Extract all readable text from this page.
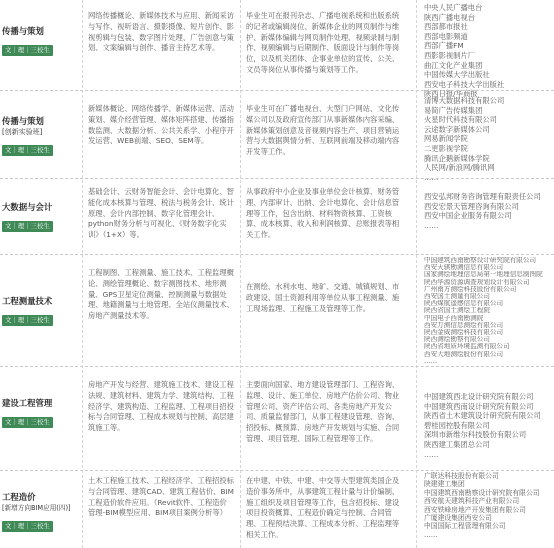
传播与策划
文｜理｜三校生
网络传播概论、新媒体技术与应用、新闻采访与写作、视听语言、摄影摄像、短片创作、影视剪辑与包装、数字图片处理、广告创意与策划、文案编辑与创作、播音主持艺术等。
毕业生可在报刊杂志、广播电视系统和出版系统的记者或编辑岗位、新媒体企业的网页制作与维护、新媒体编辑与网页制作处理、视频录制与制作、视频编辑与后期制作、版面设计与制作等岗位，以及机关团体、企事业单位的宣传、公关、文员等岗位从事传播与策划等工作。
中央人民广播电台
陕西广播电视台
西部都市报社
西部电影频道
西部广播FM
西影影视制片厂
曲江文化产业集团
中国传媒大学出版社
西安电子科技大学出版社
陕西日报/华商报
传播与策划
[创新实验班]
文｜理｜三校生
新媒体概论、网络传播学、新媒体运营、活动策划、媒介经营管理、媒体矩阵搭建、传播指数监测、大数据分析、公共关系学、小程序开发运营、WEB前端、SEO、SEM等。
毕业生可在广播电视台、大型门户网站、文化传媒公司以及政府宣传部门从事新媒体内容采编、新媒体策划创意及音视频内容生产、项目营销运营与大数据舆情分析、互联网前端及移动端内容开发等工作。
清博大数据科技有限公司
易简广告传媒集团
火星时代科技有限公司
云途数字新媒体公司
网易新闻学院
二更影视学院
腾讯企鹅新媒体学院
人民网/新浪网/腾讯网
……
大数据与会计
文｜理｜三校生
基础会计、云财务智能会计、会计电算化、智能化成本核算与管理、税法与税务会计、统计原理、会计内部控制、数字化管理会计、python财务分析与可视化、《财务数字化实训》（1+X）等。
从事政府中小企业及事业单位会计核算、财务管理、内部审计、出纳、会计电算化、会计信息管理等工作，包含出纳、材料物资核算、工资核算、成本核算、收入和利润核算、总账报表等相关工作。
西安弘邦财务咨询管理有限责任公司
西安宏景天管理咨询有限公司
西安中国企业服务有限公司
……
工程测量技术
文｜理｜三校生
工程制图、工程测量、施工技术、工程监理概论、测绘管理概论、数字测图技术、地形测量、GPS卫星定位测量、控制测量与数据处理、地籍测量与土地管理、全站仪测量技术、房地产测量技术等。
在测绘、水利水电、地矿、交通、城镇规划、市政建设、国土资源利用等单位从事工程测量、施工现场监理、工程施工及管理等工作。
中国建筑西南勘察设计研究院有限公司
西安天骐勘测信息有限公司
国家测绘地理信息局第一地理信息制图院
陕西华源资源调查规划设计有限公司
广州南方测绘科技股份有限公司
西安国土测量有限公司
陕西煤航遥感信息有限公司
陕西省国土测绘工程院
中国电子西南勘测院
西安万测信息测绘有限公司
陕西金威测绘科技有限公司
陕西测绘勘察有限公司
陕西省地质环境监测有限公司
西安大地测绘股份有限公司
……
建设工程管理
文｜理｜三校生
房地产开发与经营、建筑施工技术、建设工程法规、建筑材料、建筑力学、建筑结构、工程经济学、建筑构造、工程监理、工程项目招投标与合同管理、工程成本规划与控制、高层建筑施工等。
主要面向国家、地方建设管理部门、工程咨询、监理、设计、施工单位、房地产估价公司、物业管理公司、资产评估公司、各类房地产开发公司、质量监督部门，从事工程建设管理、咨询、招投标、概预算、房地产开发规划与实施、合同管理、项目管理、国际工程管理等工作。
中国建筑西北设计研究院有限公司
中国建筑西南设计研究院有限公司
陕西省土木建筑设计研究院有限公司
碧桂园控股有限公司
深圳市新维尔科技股份有限公司
陕西建工集团总公司
……
工程造价
[新增方向BIM应用(四)]
文｜理｜三校生
土木工程施工技术、工程经济学、工程招投标与合同管理、建筑CAD、建筑工程估价、BIM工程造价软件应用。（Revit软件、工程造价管理-BIM模型应用、BIM项目案例分析等）
在中建、中铁、中建、中交等大型建筑类国企及造价事务所中，从事建筑工程计量与计价编制、施工组织及项目管理等工作，包含招投标、建设项目投资概算、工程造价确定与控制、合同管理、工程预结决算、工程成本分析、工程监理等相关工作。
广联达科技股份有限公司
陕建建工集团
中国建筑西南勘察设计研究院有限公司
西安航天建筑科技产业有限公司
西安铁峰房地产开发集团有限公司
广厦建设集团西安公司
中国国际工程管理有限公司
……
